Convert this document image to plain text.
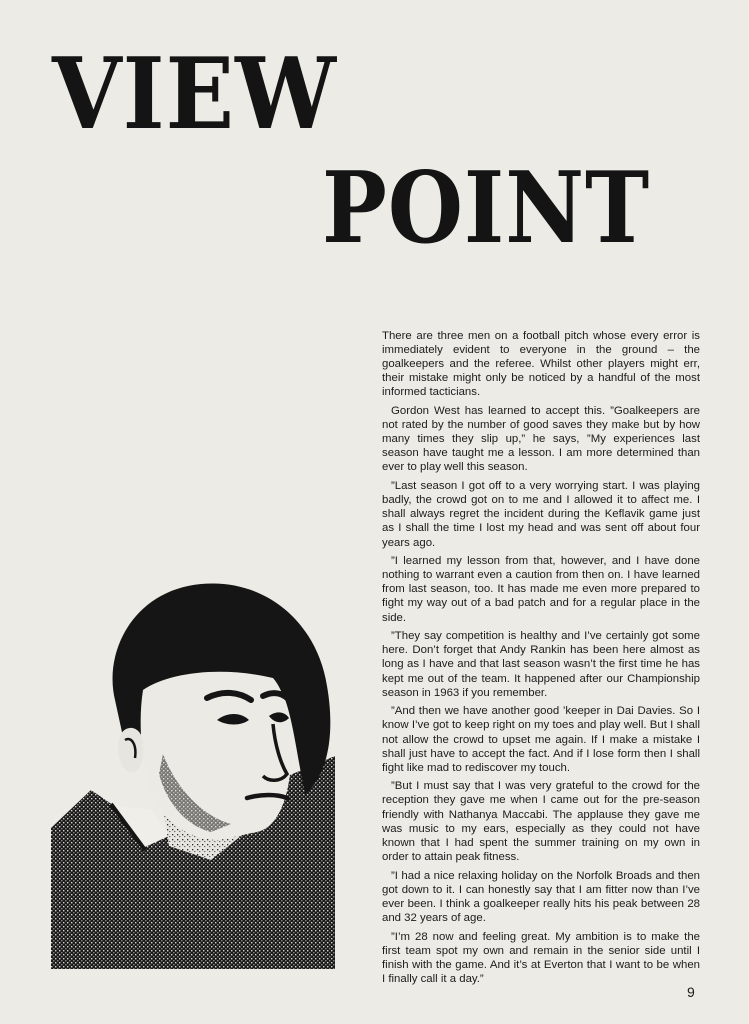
VIEW
POINT

There are three men on a football pitch whose every error is immediately evident to everyone in the ground – the goalkeepers and the referee. Whilst other players might err, their mistake might only be noticed by a handful of the most informed tacticians.

Gordon West has learned to accept this. ”Goalkeepers are not rated by the number of good saves they make but by how many times they slip up,” he says, ”My experiences last season have taught me a lesson. I am more determined than ever to play well this season.

”Last season I got off to a very worrying start. I was playing badly, the crowd got on to me and I allowed it to affect me. I shall always regret the incident during the Keflavik game just as I shall the time I lost my head and was sent off about four years ago.

”I learned my lesson from that, however, and I have done nothing to warrant even a caution from then on. I have learned from last season, too. It has made me even more prepared to fight my way out of a bad patch and for a regular place in the side.

”They say competition is healthy and I’ve certainly got some here. Don’t forget that Andy Rankin has been here almost as long as I have and that last season wasn’t the first time he has kept me out of the team. It happened after our Championship season in 1963 if you remember.

”And then we have another good ’keeper in Dai Davies. So I know I’ve got to keep right on my toes and play well. But I shall not allow the crowd to upset me again. If I make a mistake I shall just have to accept the fact. And if I lose form then I shall fight like mad to rediscover my touch.

”But I must say that I was very grateful to the crowd for the reception they gave me when I came out for the pre-season friendly with Nathanya Maccabi. The applause they gave me was music to my ears, especially as they could not have known that I had spent the summer training on my own in order to attain peak fitness.

”I had a nice relaxing holiday on the Norfolk Broads and then got down to it. I can honestly say that I am fitter now than I’ve ever been. I think a goalkeeper really hits his peak between 28 and 32 years of age.

”I’m 28 now and feeling great. My ambition is to make the first team spot my own and remain in the senior side until I finish with the game. And it’s at Everton that I want to be when I finally call it a day.”

9
